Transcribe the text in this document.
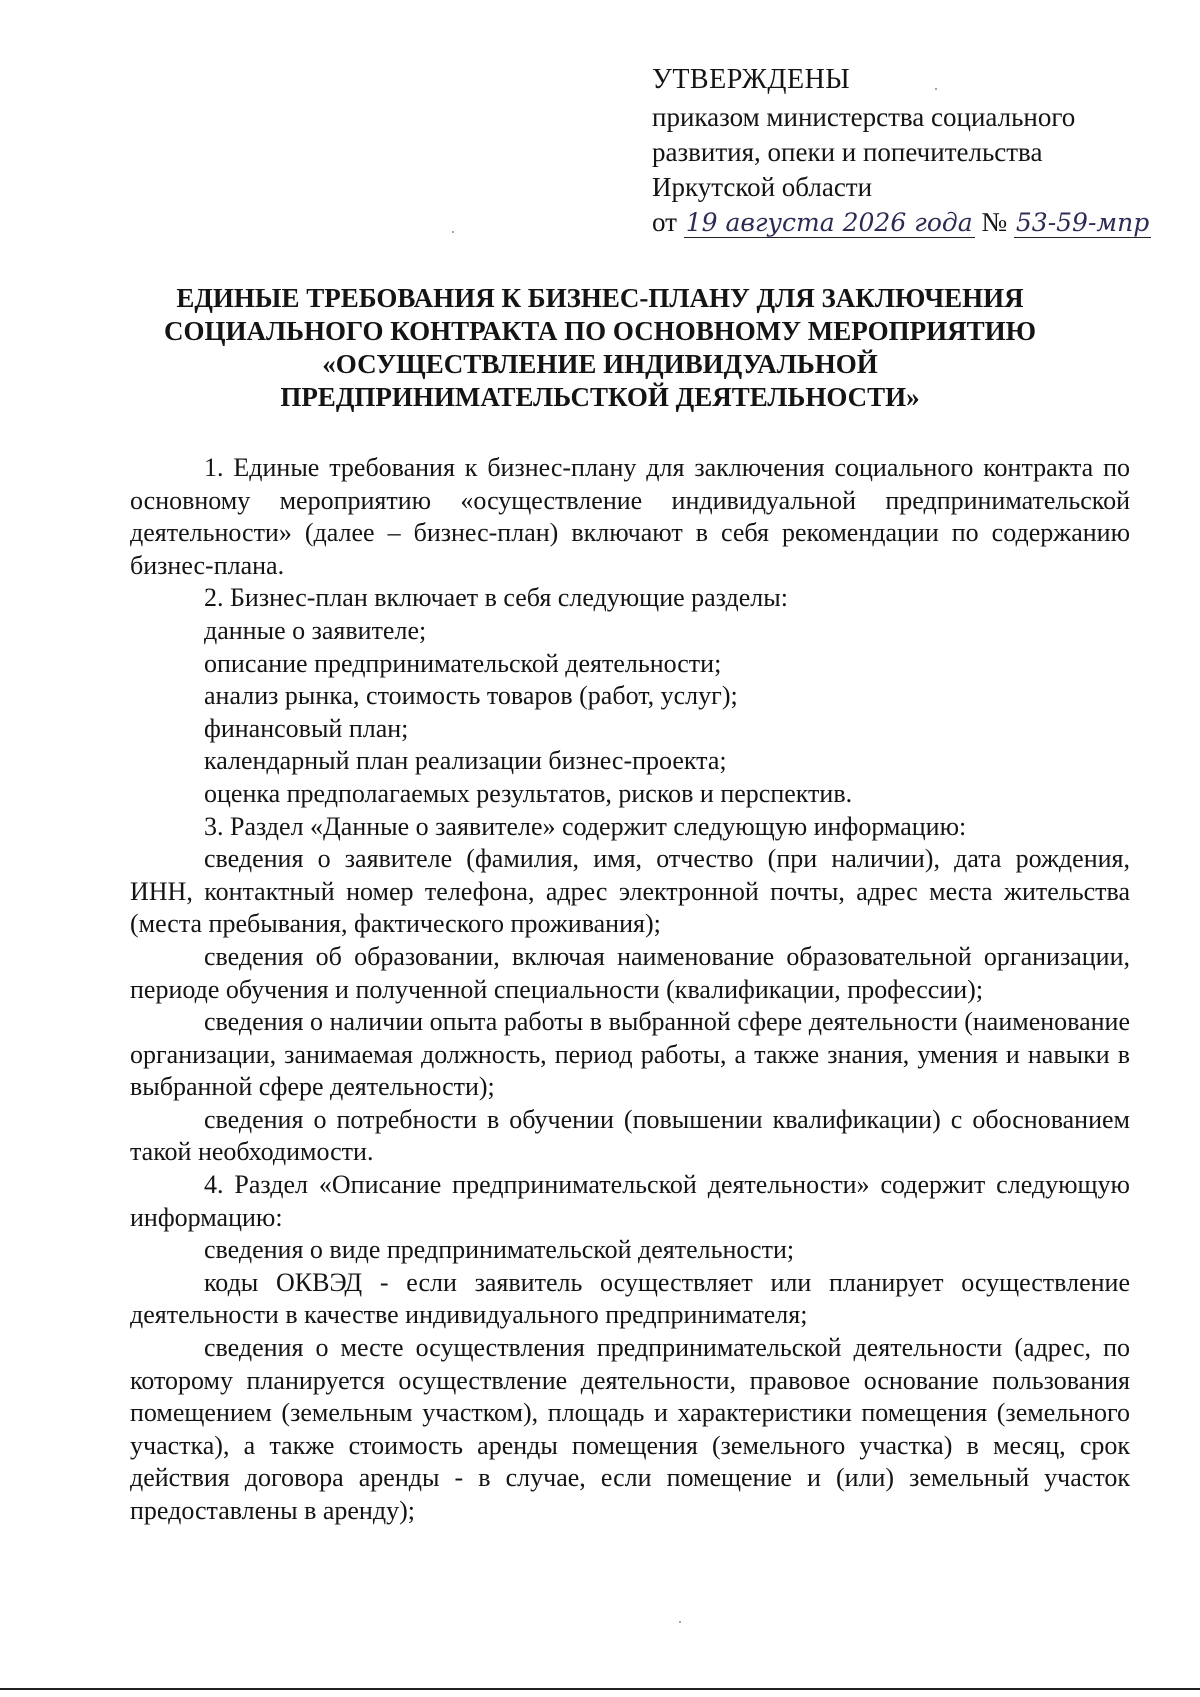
УТВЕРЖДЕНЫ
приказом министерства социального
развития, опеки и попечительства
Иркутской области
от 19 августа 2026 года № 53-59-мпр
ЕДИНЫЕ ТРЕБОВАНИЯ К БИЗНЕС-ПЛАНУ ДЛЯ ЗАКЛЮЧЕНИЯ
СОЦИАЛЬНОГО КОНТРАКТА ПО ОСНОВНОМУ МЕРОПРИЯТИЮ
«ОСУЩЕСТВЛЕНИЕ ИНДИВИДУАЛЬНОЙ
ПРЕДПРИНИМАТЕЛЬСТКОЙ ДЕЯТЕЛЬНОСТИ»

1. Единые требования к бизнес-плану для заключения социального контракта по основному мероприятию «осуществление индивидуальной предпринимательской деятельности» (далее – бизнес-план) включают в себя рекомендации по содержанию бизнес-плана.

2. Бизнес-план включает в себя следующие разделы:

данные о заявителе;

описание предпринимательской деятельности;

анализ рынка, стоимость товаров (работ, услуг);

финансовый план;

календарный план реализации бизнес-проекта;

оценка предполагаемых результатов, рисков и перспектив.

3. Раздел «Данные о заявителе» содержит следующую информацию:

сведения о заявителе (фамилия, имя, отчество (при наличии), дата рождения, ИНН, контактный номер телефона, адрес электронной почты, адрес места жительства (места пребывания, фактического проживания);

сведения об образовании, включая наименование образовательной организации, периоде обучения и полученной специальности (квалификации, профессии);

сведения о наличии опыта работы в выбранной сфере деятельности (наименование организации, занимаемая должность, период работы, а также знания, умения и навыки в выбранной сфере деятельности);

сведения о потребности в обучении (повышении квалификации) с обоснованием такой необходимости.

4. Раздел «Описание предпринимательской деятельности» содержит следующую информацию:

сведения о виде предпринимательской деятельности;

коды ОКВЭД - если заявитель осуществляет или планирует осуществление деятельности в качестве индивидуального предпринимателя;

сведения о месте осуществления предпринимательской деятельности (адрес, по которому планируется осуществление деятельности, правовое основание пользования помещением (земельным участком), площадь и характеристики помещения (земельного участка), а также стоимость аренды помещения (земельного участка) в месяц, срок действия договора аренды - в случае, если помещение и (или) земельный участок предоставлены в аренду);
